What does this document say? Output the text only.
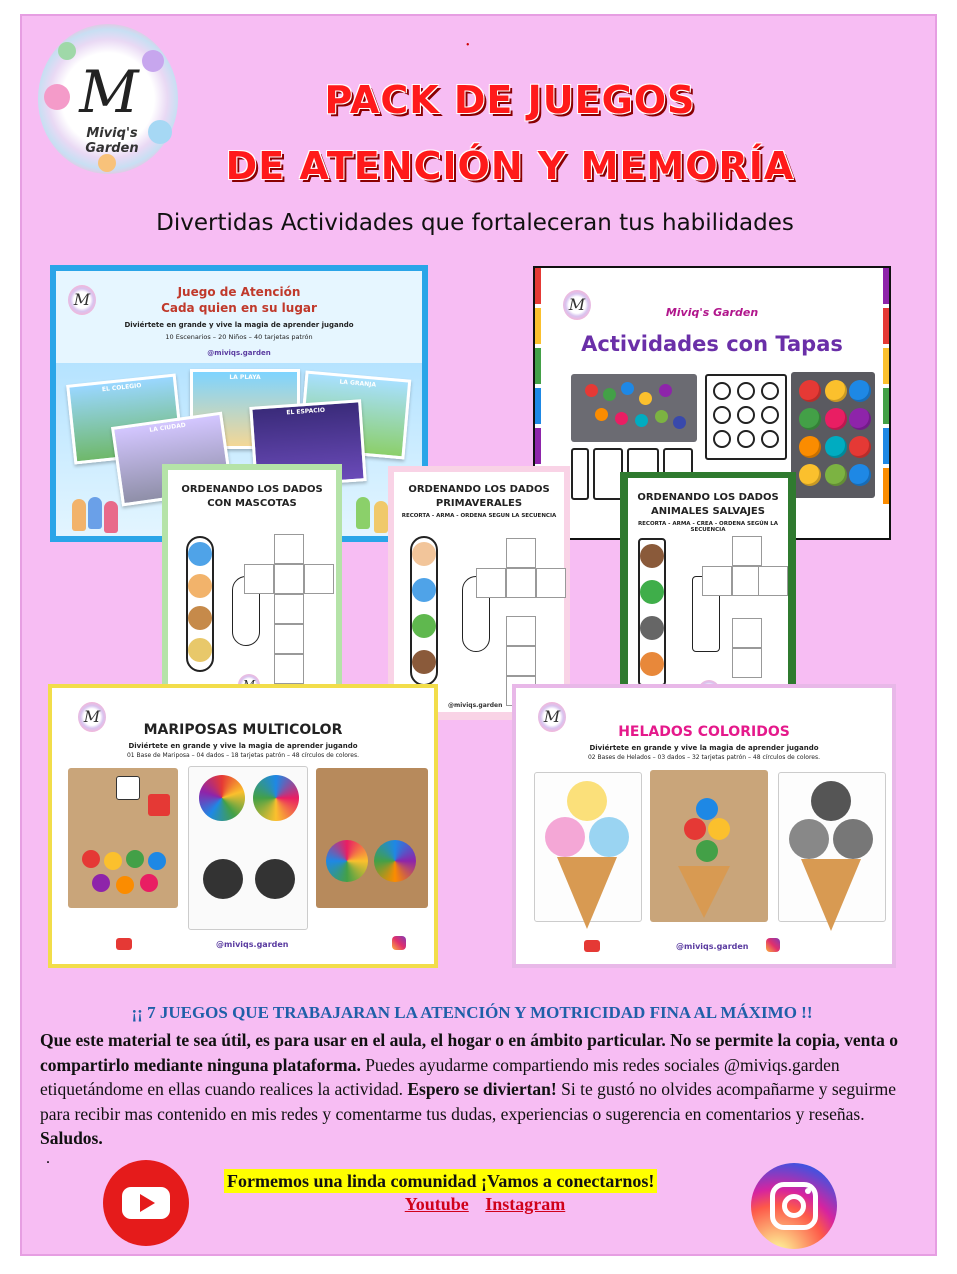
•
M
Miviq's
Garden
PACK DE JUEGOS
DE ATENCIÓN Y MEMORÍA
Divertidas Actividades que fortaleceran tus habilidades
M	Juego de Atención
Cada quien en su lugar
Diviértete en grande y vive la magia de aprender jugando
10 Escenarios – 20 Niños – 40 tarjetas patrón
@miviqs.garden
EL COLEGIO
LA PLAYA
LA GRANJA
LA CIUDAD
EL ESPACIO
M	Miviq's Garden
Actividades con Tapas
ORDENANDO LOS DADOS
CON MASCOTAS
ORDENANDO LOS DADOS
PRIMAVERALES
RECORTA - ARMA - ORDENA SEGUN LA SECUENCIA
@miviqs.garden
ORDENANDO LOS DADOS
ANIMALES SALVAJES
RECORTA - ARMA - CREA - ORDENA SEGÚN LA SECUENCIA
M
MARIPOSAS MULTICOLOR
Diviértete en grande y vive la magia de aprender jugando
01 Base de Mariposa – 04 dados – 18 tarjetas patrón – 48 círculos de colores.
@miviqs.garden
M
HELADOS COLORIDOS
Diviértete en grande y vive la magia de aprender jugando
02 Bases de Helados – 03 dados – 32 tarjetas patrón – 48 círculos de colores.
@miviqs.garden
¡¡ 7 JUEGOS QUE TRABAJARAN LA ATENCIÓN Y MOTRICIDAD FINA AL MÁXIMO !!
Que este material te sea útil, es para usar en el aula, el hogar o en ámbito particular. No se permite la copia, venta o compartirlo mediante ninguna plataforma. Puedes ayudarme compartiendo mis redes sociales @miviqs.garden etiquetándome en ellas cuando realices la actividad. Espero se diviertan! Si te gustó no olvides acompañarme y seguirme para recibir mas contenido en mis redes y comentarme tus dudas, experiencias o sugerencia en comentarios y reseñas. Saludos.
.
Formemos una linda comunidad ¡Vamos a conectarnos!
Youtube Instagram
